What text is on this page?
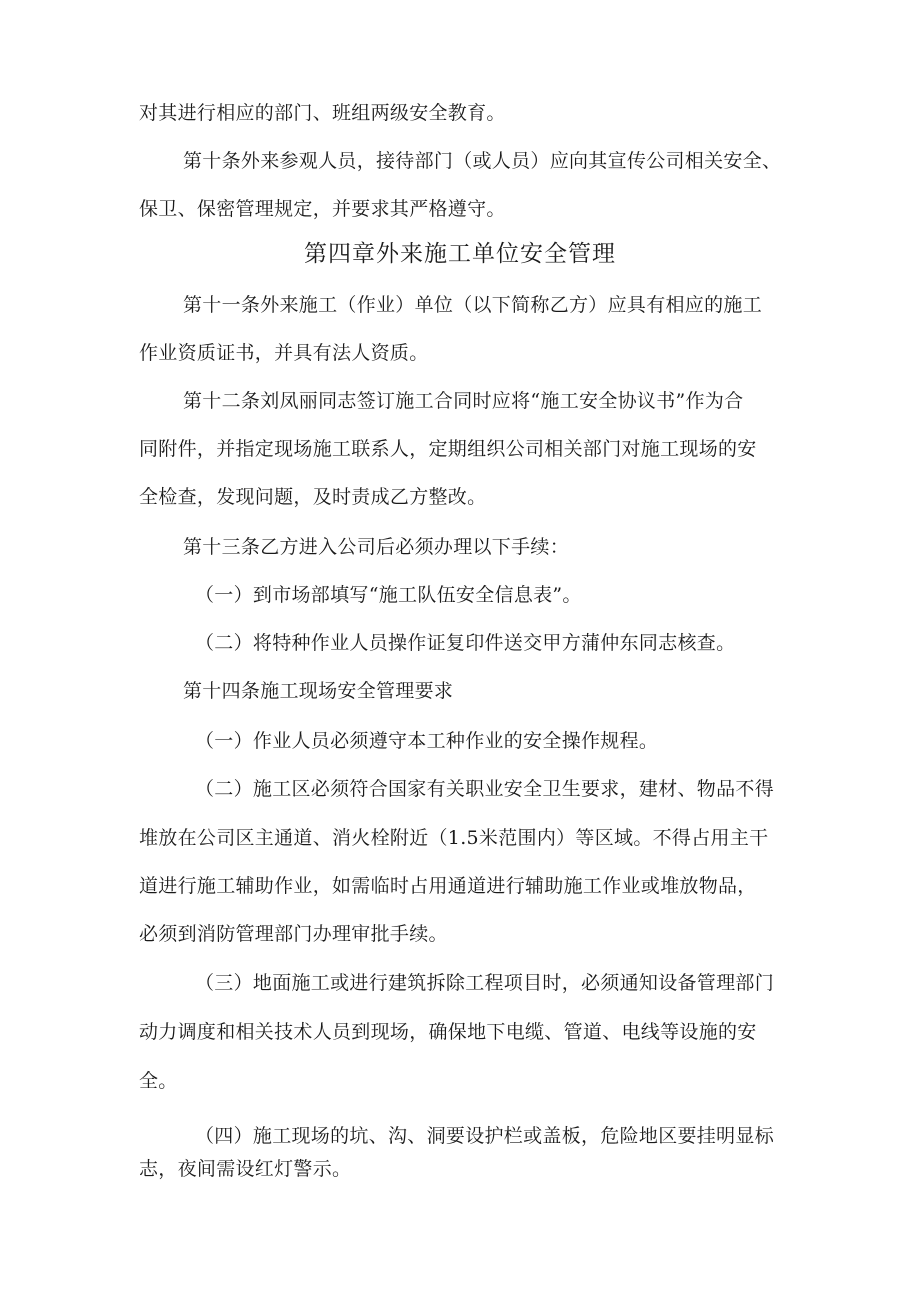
对其进行相应的部门、班组两级安全教育。
第十条外来参观人员，接待部门（或人员）应向其宣传公司相关安全、
保卫、保密管理规定，并要求其严格遵守。
第四章外来施工单位安全管理
第十一条外来施工（作业）单位（以下简称乙方）应具有相应的施工
作业资质证书，并具有法人资质。
第十二条刘凤丽同志签订施工合同时应将“施工安全协议书”作为合
同附件，并指定现场施工联系人，定期组织公司相关部门对施工现场的安
全检查，发现问题，及时责成乙方整改。
第十三条乙方进入公司后必须办理以下手续：
（一）到市场部填写“施工队伍安全信息表”。
（二）将特种作业人员操作证复印件送交甲方蒲仲东同志核查。
第十四条施工现场安全管理要求
（一）作业人员必须遵守本工种作业的安全操作规程。
（二）施工区必须符合国家有关职业安全卫生要求，建材、物品不得
堆放在公司区主通道、消火栓附近（1.5米范围内）等区域。不得占用主干
道进行施工辅助作业，如需临时占用通道进行辅助施工作业或堆放物品，
必须到消防管理部门办理审批手续。
（三）地面施工或进行建筑拆除工程项目时，必须通知设备管理部门
动力调度和相关技术人员到现场，确保地下电缆、管道、电线等设施的安
全。
（四）施工现场的坑、沟、洞要设护栏或盖板，危险地区要挂明显标
志，夜间需设红灯警示。
